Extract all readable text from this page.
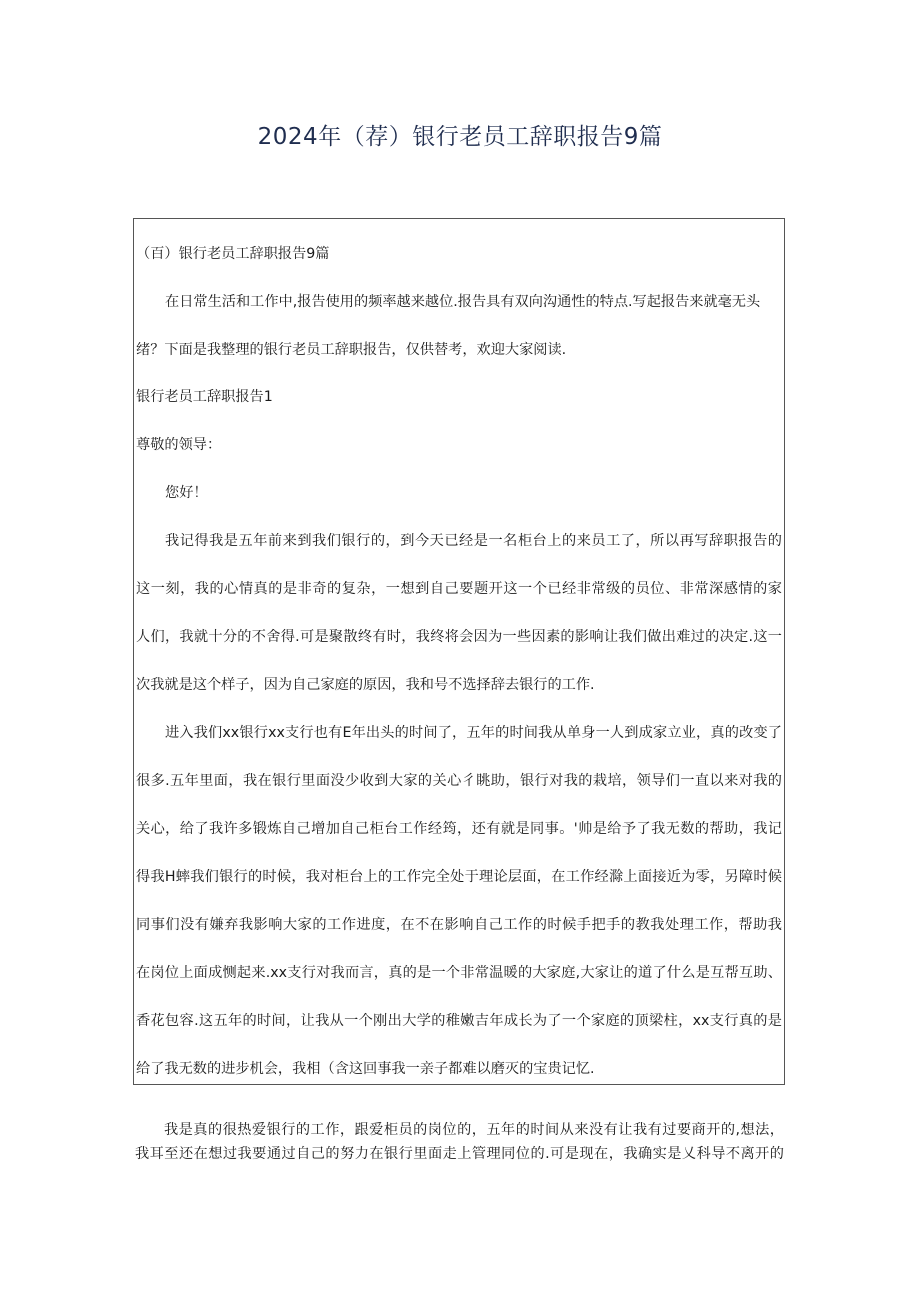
2024年（荐）银行老员工辞职报告9篇
（百）银行老员工辞职报告9篇
在日常生活和工作中,报告使用的频率越来越位.报告具有双向沟通性的特点.写起报告来就毫无头
绪？下面是我整理的银行老员工辞职报告，仅供替考，欢迎大家阅读.
银行老员工辞职报告1
尊敬的领导：
您好！
我记得我是五年前来到我们银行的，到今天已经是一名柜台上的来员工了，所以再写辞职报告的
这一刻，我的心情真的是非奇的复杂，一想到自己要题开这一个已经非常级的员位、非常深感情的家
人们，我就十分的不舍得.可是聚散终有时，我终将会因为一些因素的影响让我们做出难过的决定.这一
次我就是这个样子，因为自己家庭的原因，我和号不选择辞去银行的工作.
进入我们xx银行xx支行也有E年出头的时间了，五年的时间我从单身一人到成家立业，真的改变了
很多.五年里面，我在银行里面没少收到大家的关心彳眺助，银行对我的栽培，领导们一直以来对我的
关心，给了我许多锻炼自己增加自己柜台工作经筠，还有就是同事。'帅是给予了我无数的帮助，我记
得我H蟀我们银行的时候，我对柜台上的工作完全处于理论层面，在工作经滁上面接近为零，另障时候
同事们没有嫌弃我影响大家的工作进度，在不在影响自己工作的时候手把手的教我处理工作，帮助我
在岗位上面成恻起来.xx支行对我而言，真的是一个非常温暖的大家庭,大家让的道了什么是互帮互助、
香花包容.这五年的时间，让我从一个刚出大学的稚嫩吉年成长为了一个家庭的顶梁柱，xx支行真的是
给了我无数的进步机会，我相（含这回事我一亲子都难以磨灭的宝贵记忆.
我是真的很热爱银行的工作，跟爱柜员的岗位的，五年的时间从来没有让我有过要商开的,想法，
我耳至还在想过我要通过自己的努力在银行里面走上管理同位的.可是现在，我确实是乂科导不离开的
